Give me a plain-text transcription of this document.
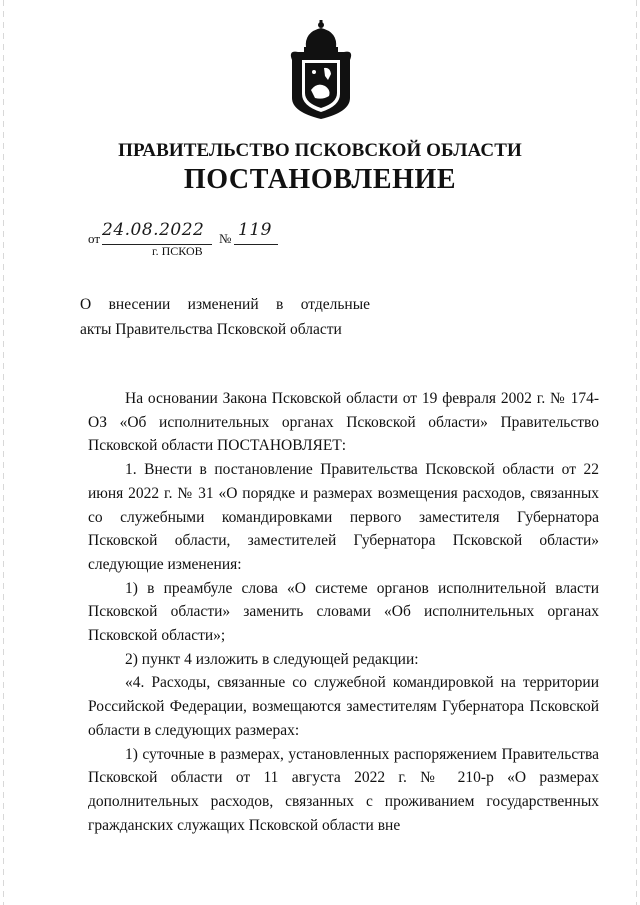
ПРАВИТЕЛЬСТВО ПСКОВСКОЙ ОБЛАСТИ
ПОСТАНОВЛЕНИЕ
от 24.08.2022 № 119
г. ПСКОВ
О внесении изменений в отдельные
акты Правительства Псковской области

На основании Закона Псковской области от 19 февраля 2002 г. № 174-ОЗ «Об исполнительных органах Псковской области» Правительство Псковской области ПОСТАНОВЛЯЕТ:

1. Внести в постановление Правительства Псковской области от 22 июня 2022 г. № 31 «О порядке и размерах возмещения расходов, связанных со служебными командировками первого заместителя Губернатора Псковской области, заместителей Губернатора Псковской области» следующие изменения:

1) в преамбуле слова «О системе органов исполнительной власти Псковской области» заменить словами «Об исполнительных органах Псковской области»;

2) пункт 4 изложить в следующей редакции:

«4. Расходы, связанные со служебной командировкой на территории Российской Федерации, возмещаются заместителям Губернатора Псковской области в следующих размерах:

1) суточные в размерах, установленных распоряжением Правительства Псковской области от 11 августа 2022 г. № 210-р «О размерах дополнительных расходов, связанных с проживанием государственных гражданских служащих Псковской области вне
